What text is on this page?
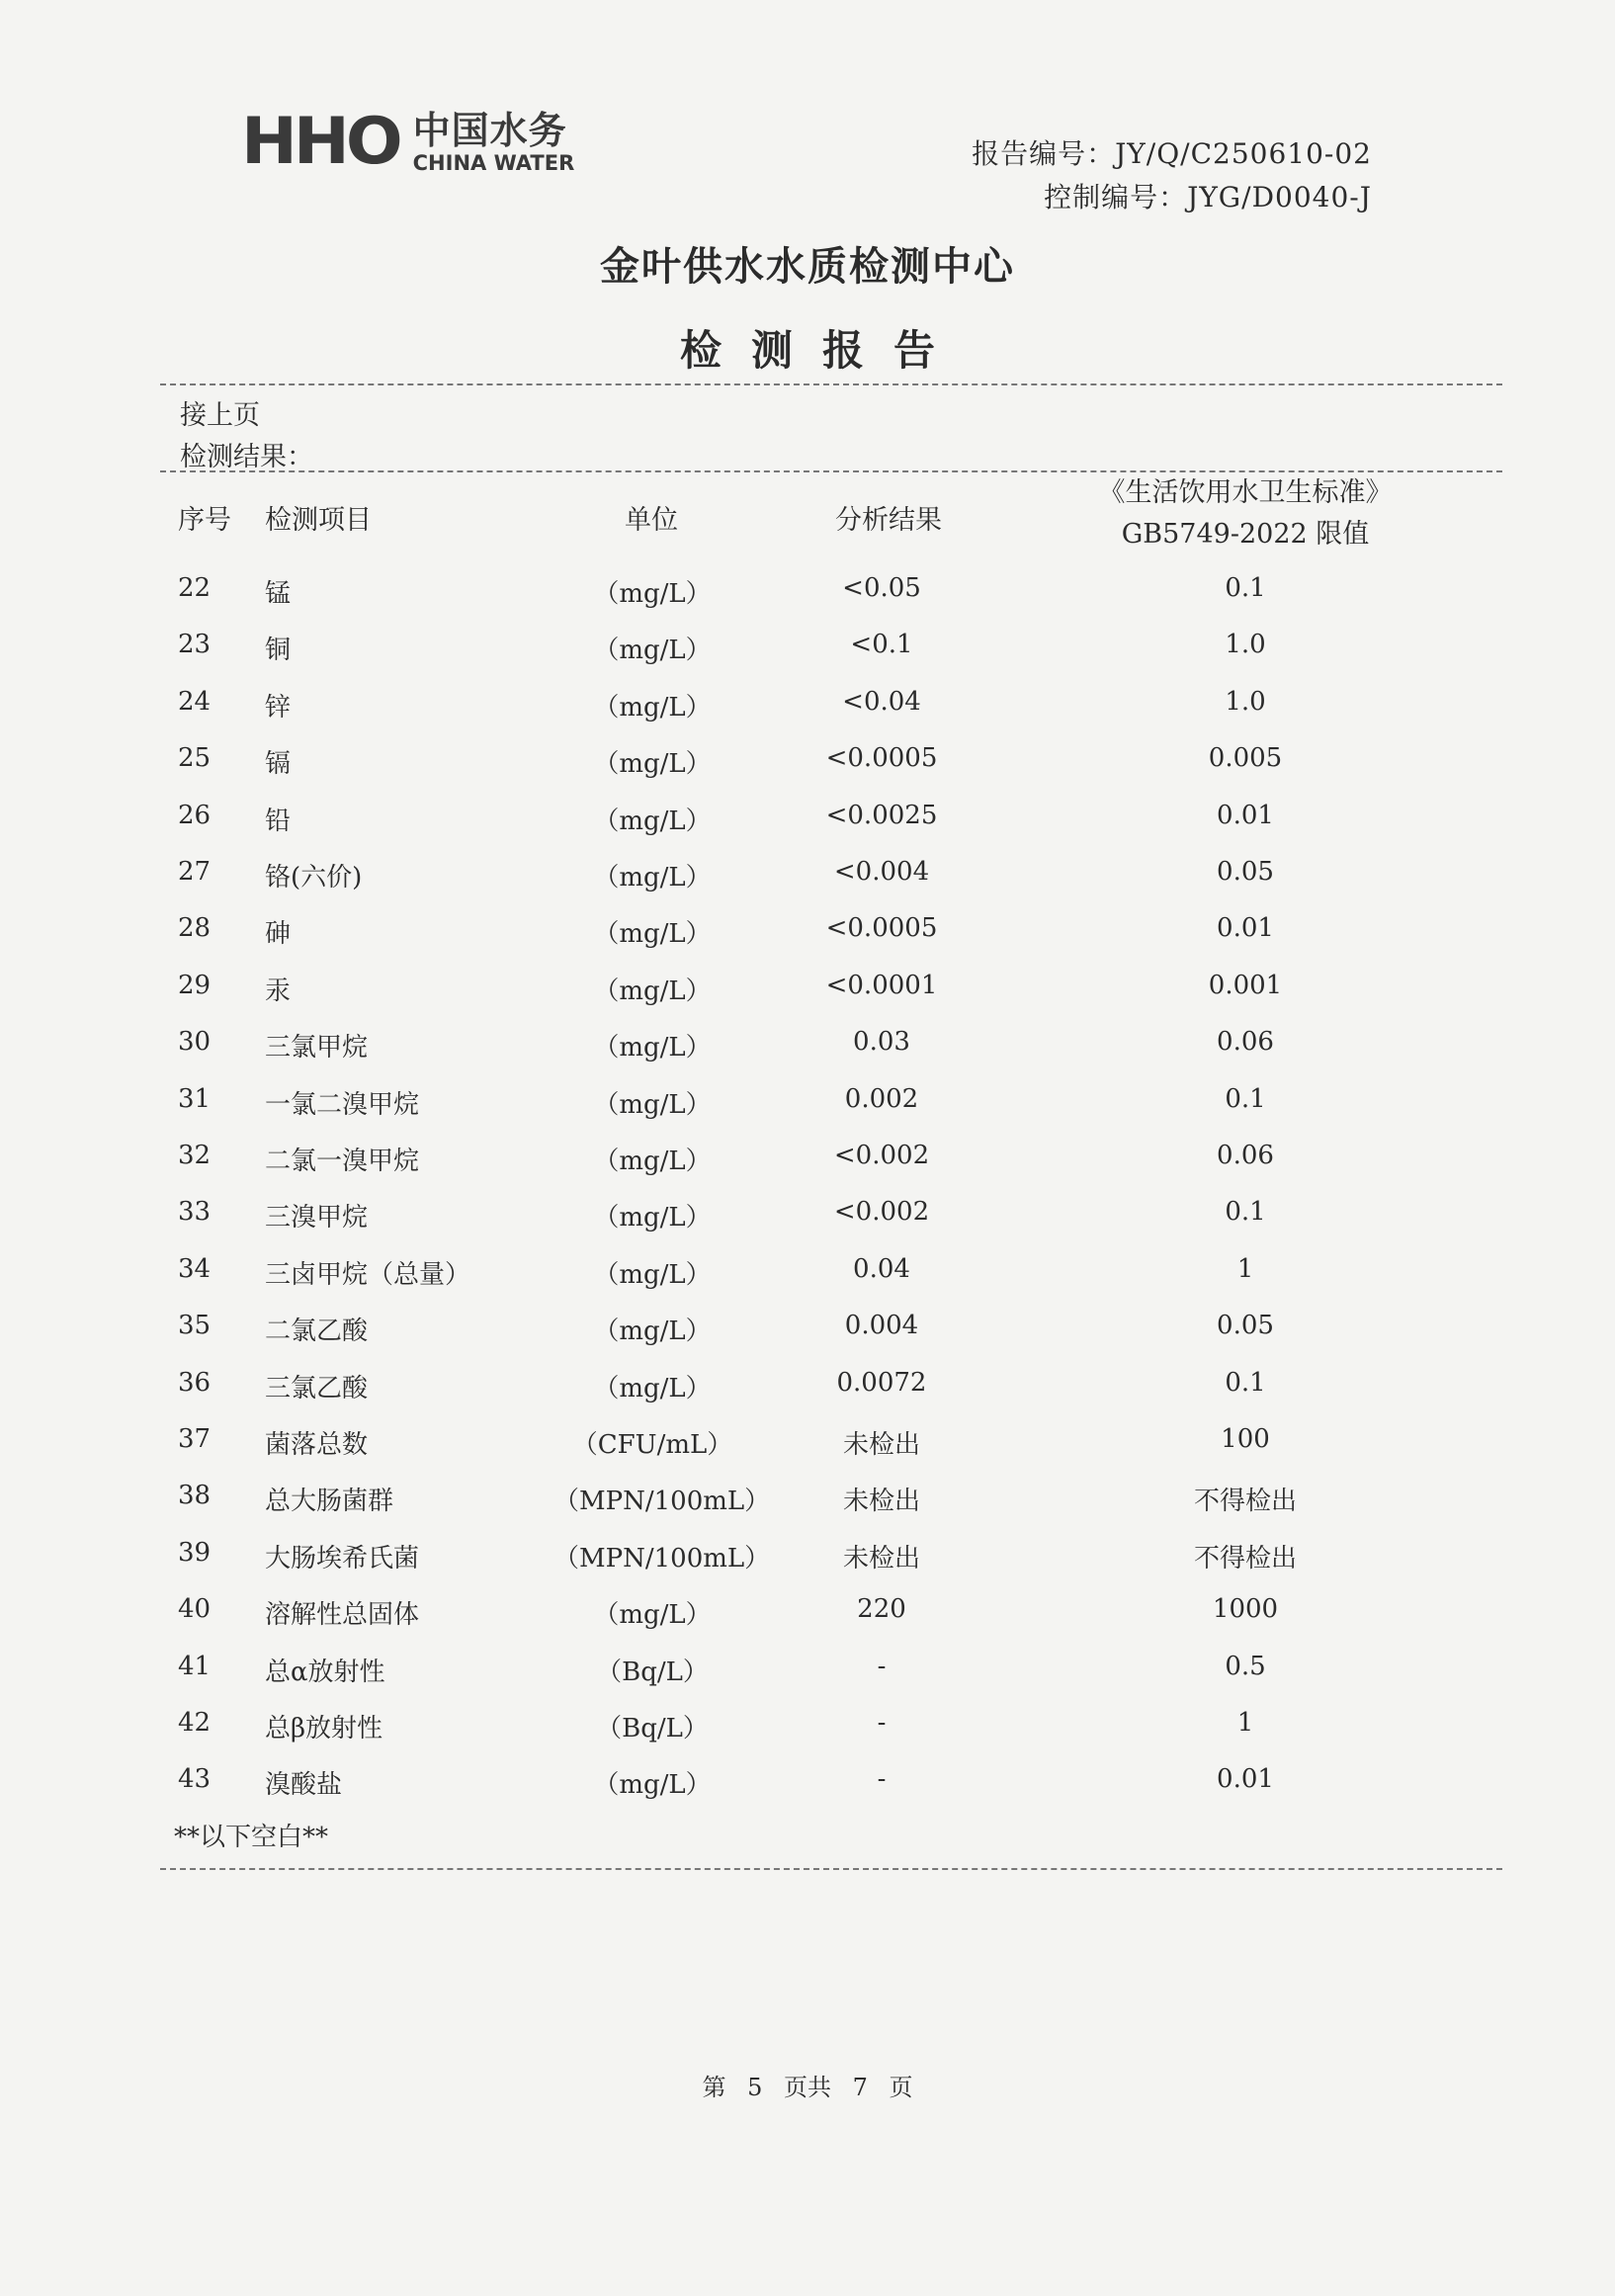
HHO 中国水务
CHINA WATER	报告编号：JY/Q/C250610-02
控制编号：JYG/D0040-J
金叶供水水质检测中心
检测报告
接上页
检测结果：
序号 检测项目	单位	分析结果
《生活饮用水卫生标准》
GB5749-2022 限值
22 锰	（mg/L）	<0.05	0.1
23 铜	（mg/L）	<0.1	1.0
24 锌	（mg/L）	<0.04	1.0
25 镉	（mg/L）	<0.0005	0.005
26 铅	（mg/L）	<0.0025	0.01
27 铬(六价)	（mg/L）	<0.004	0.05
28 砷	（mg/L）	<0.0005	0.01
29 汞	（mg/L）	<0.0001	0.001
30 三氯甲烷	（mg/L）	0.03	0.06
31 一氯二溴甲烷	（mg/L）	0.002	0.1
32 二氯一溴甲烷	（mg/L）	<0.002	0.06
33 三溴甲烷	（mg/L）	<0.002	0.1
34 三卤甲烷（总量）	（mg/L）	0.04	1
35 二氯乙酸	（mg/L）	0.004	0.05
36 三氯乙酸	（mg/L）	0.0072	0.1
37 菌落总数	（CFU/mL）	未检出	100
38 总大肠菌群	（MPN/100mL）	未检出	不得检出
39 大肠埃希氏菌	（MPN/100mL）	未检出	不得检出
40 溶解性总固体	（mg/L）	220	1000
41 总α放射性	（Bq/L）	-	0.5
42 总β放射性	（Bq/L）	-	1
43 溴酸盐	（mg/L）	-	0.01
**以下空白**
第 5 页共 7 页
